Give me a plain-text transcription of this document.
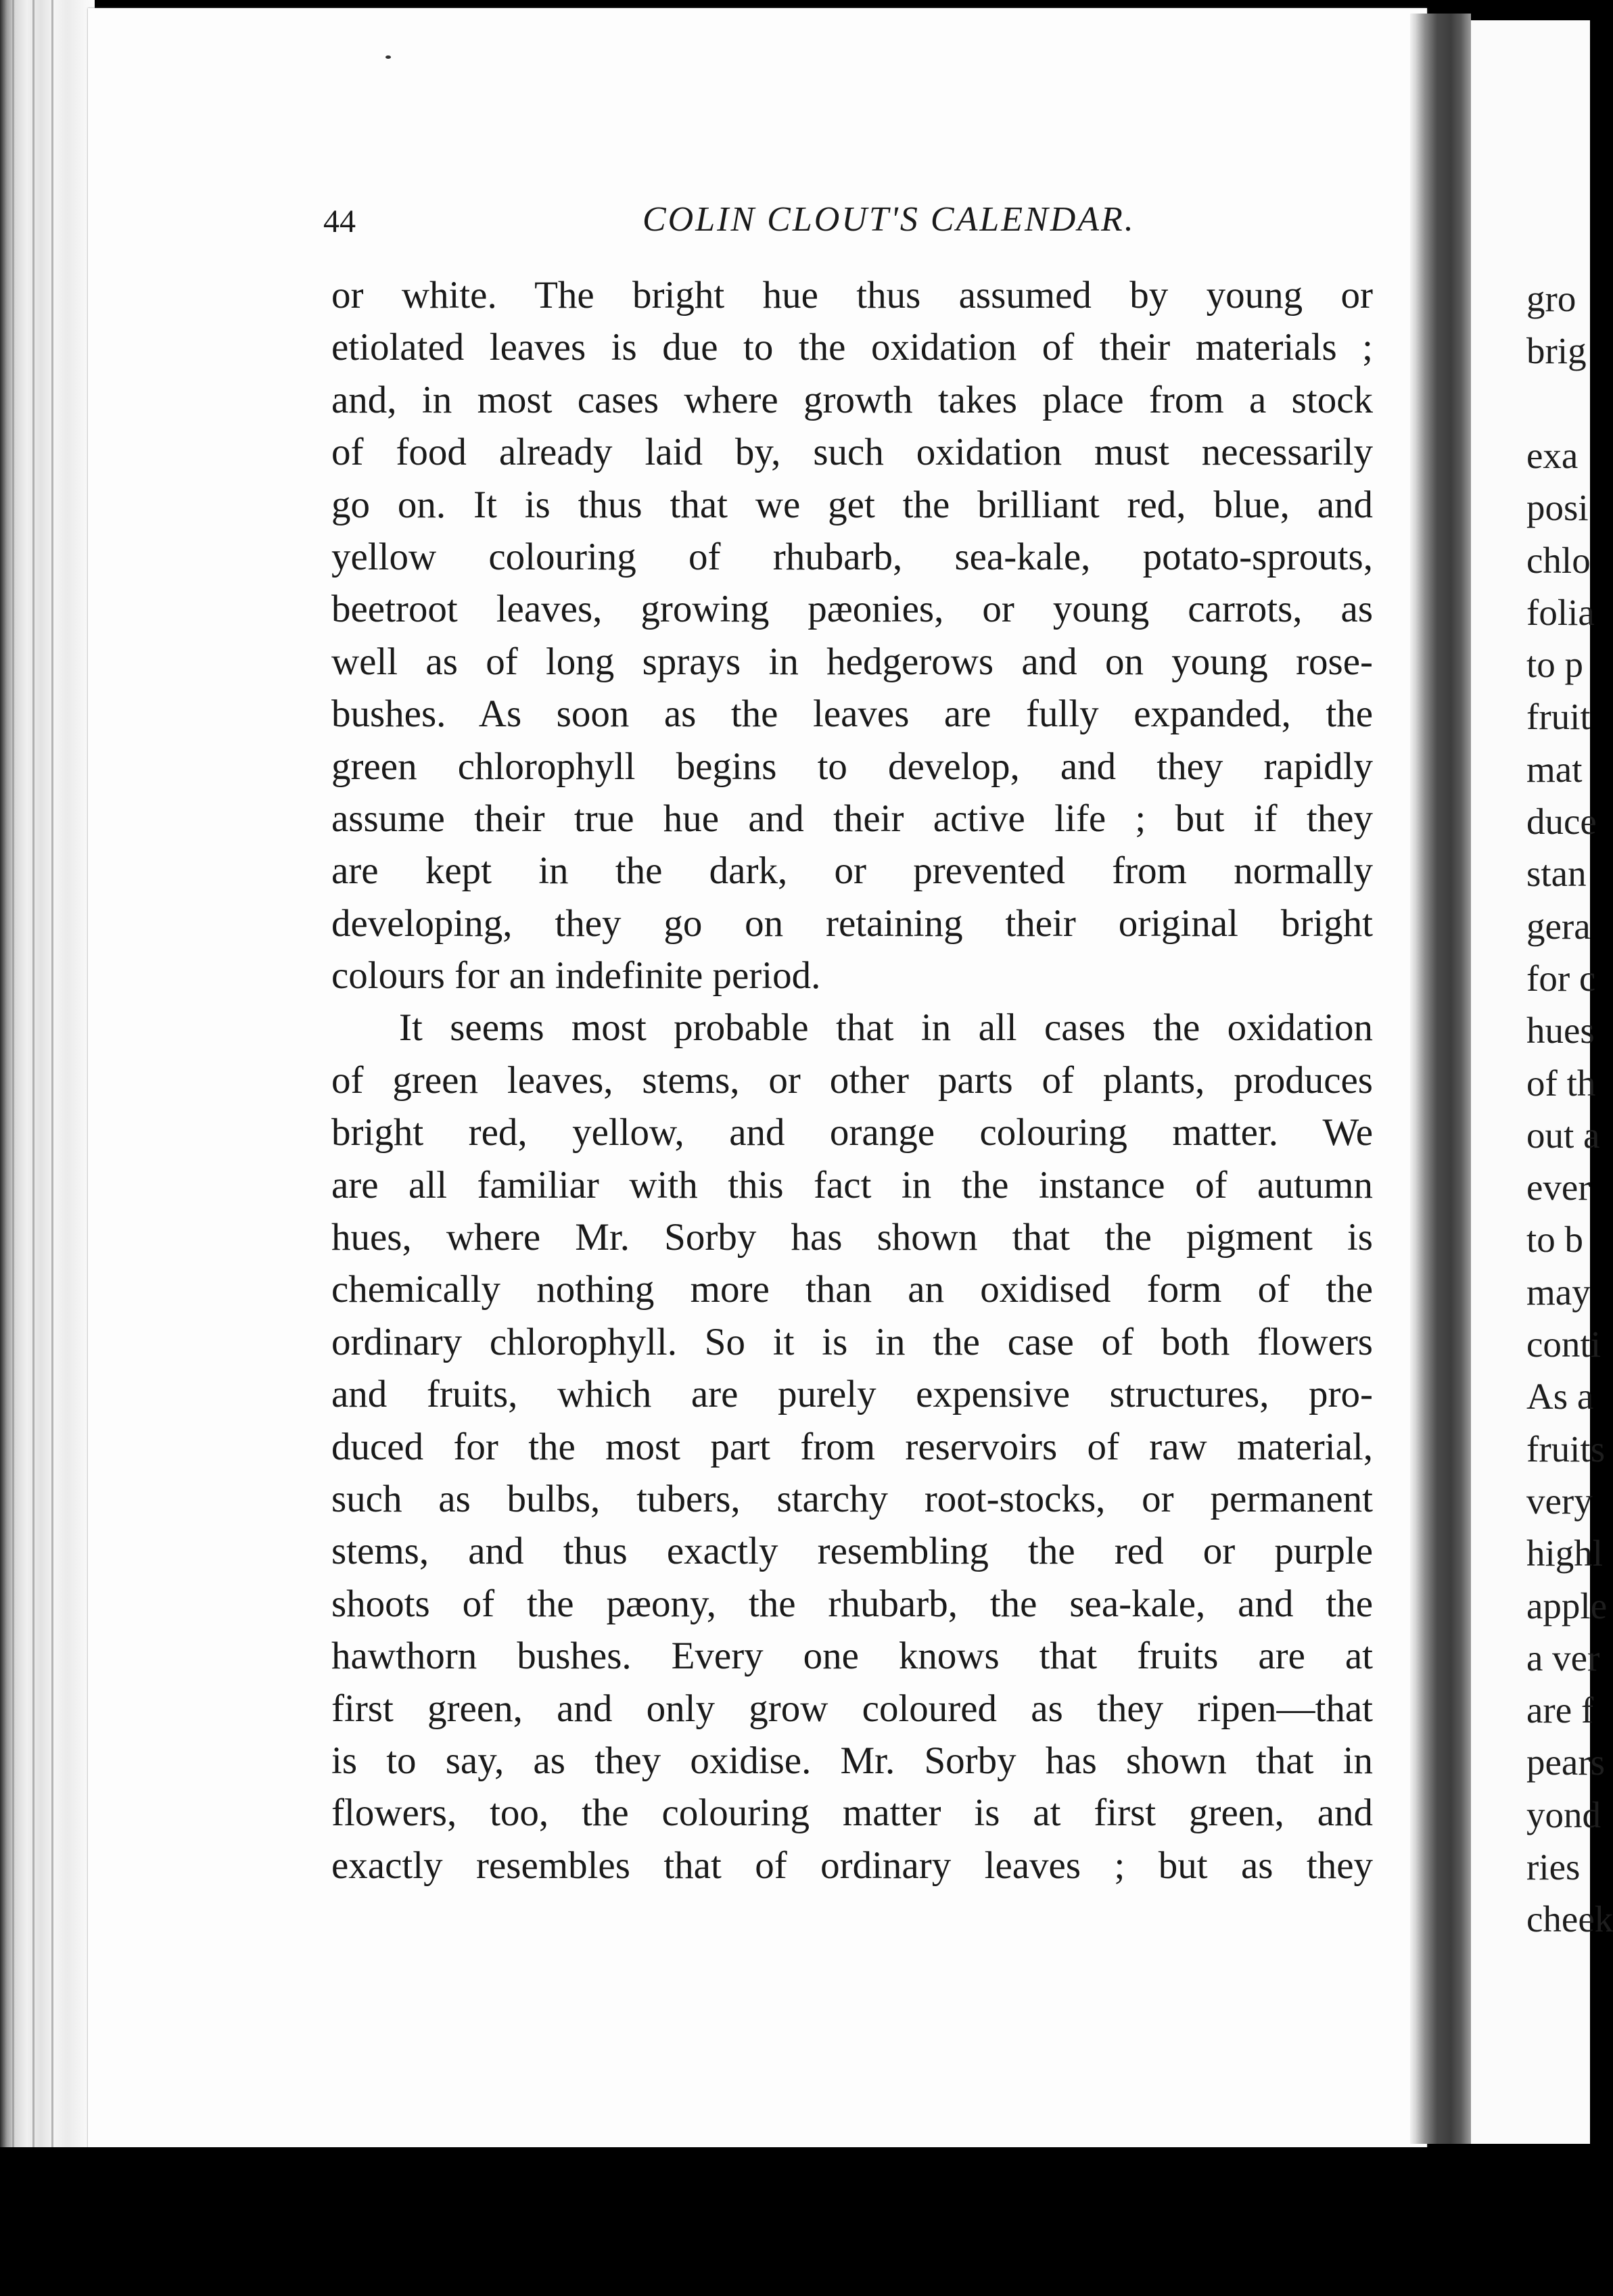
44	COLIN CLOUT'S CALENDAR.
or white. The bright hue thus assumed by young or
etiolated leaves is due to the oxidation of their materials ;
and, in most cases where growth takes place from a stock
of food already laid by, such oxidation must necessarily
go on. It is thus that we get the brilliant red, blue, and
yellow colouring of rhubarb, sea-kale, potato-sprouts,
beetroot leaves, growing pæonies, or young carrots, as
well as of long sprays in hedgerows and on young rose-
bushes. As soon as the leaves are fully expanded, the
green chlorophyll begins to develop, and they rapidly
assume their true hue and their active life ; but if they
are kept in the dark, or prevented from normally
developing, they go on retaining their original bright
colours for an indefinite period.
It seems most probable that in all cases the oxidation
of green leaves, stems, or other parts of plants, produces
bright red, yellow, and orange colouring matter. We
are all familiar with this fact in the instance of autumn
hues, where Mr. Sorby has shown that the pigment is
chemically nothing more than an oxidised form of the
ordinary chlorophyll. So it is in the case of both flowers
and fruits, which are purely expensive structures, pro-
duced for the most part from reservoirs of raw material,
such as bulbs, tubers, starchy root-stocks, or permanent
stems, and thus exactly resembling the red or purple
shoots of the pæony, the rhubarb, the sea-kale, and the
hawthorn bushes. Every one knows that fruits are at
first green, and only grow coloured as they ripen—that
is to say, as they oxidise. Mr. Sorby has shown that in
flowers, too, the colouring matter is at first green, and
exactly resembles that of ordinary leaves ; but as they
gro
brig
exa
posi
chlo
folia
to p
fruit
mat
duce
stan
gera
for c
hues
of th
out a
ever
to b
may
conti
As a
fruits
very
highl
apple
a ver
are f
pears
yond
ries
cheek
